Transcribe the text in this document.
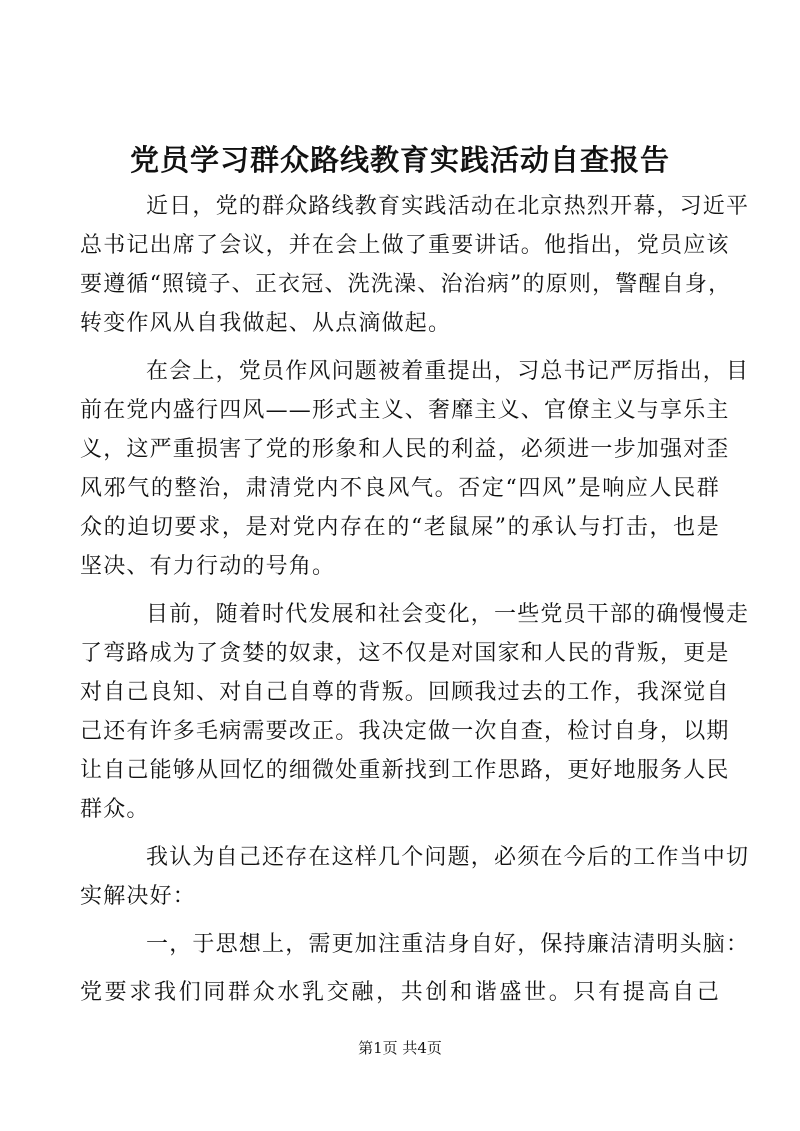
党员学习群众路线教育实践活动自查报告
近日，党的群众路线教育实践活动在北京热烈开幕，习近平
总书记出席了会议，并在会上做了重要讲话。他指出，党员应该
要遵循“照镜子、正衣冠、洗洗澡、治治病”的原则，警醒自身，
转变作风从自我做起、从点滴做起。
在会上，党员作风问题被着重提出，习总书记严厉指出，目
前在党内盛行四风——形式主义、奢靡主义、官僚主义与享乐主
义，这严重损害了党的形象和人民的利益，必须进一步加强对歪
风邪气的整治，肃清党内不良风气。否定“四风”是响应人民群
众的迫切要求，是对党内存在的“老鼠屎”的承认与打击，也是
坚决、有力行动的号角。
目前，随着时代发展和社会变化，一些党员干部的确慢慢走
了弯路成为了贪婪的奴隶，这不仅是对国家和人民的背叛，更是
对自己良知、对自己自尊的背叛。回顾我过去的工作，我深觉自
己还有许多毛病需要改正。我决定做一次自查，检讨自身，以期
让自己能够从回忆的细微处重新找到工作思路，更好地服务人民
群众。
我认为自己还存在这样几个问题，必须在今后的工作当中切
实解决好：
一，于思想上，需更加注重洁身自好，保持廉洁清明头脑：
党要求我们同群众水乳交融，共创和谐盛世。只有提高自己
第1页 共4页
